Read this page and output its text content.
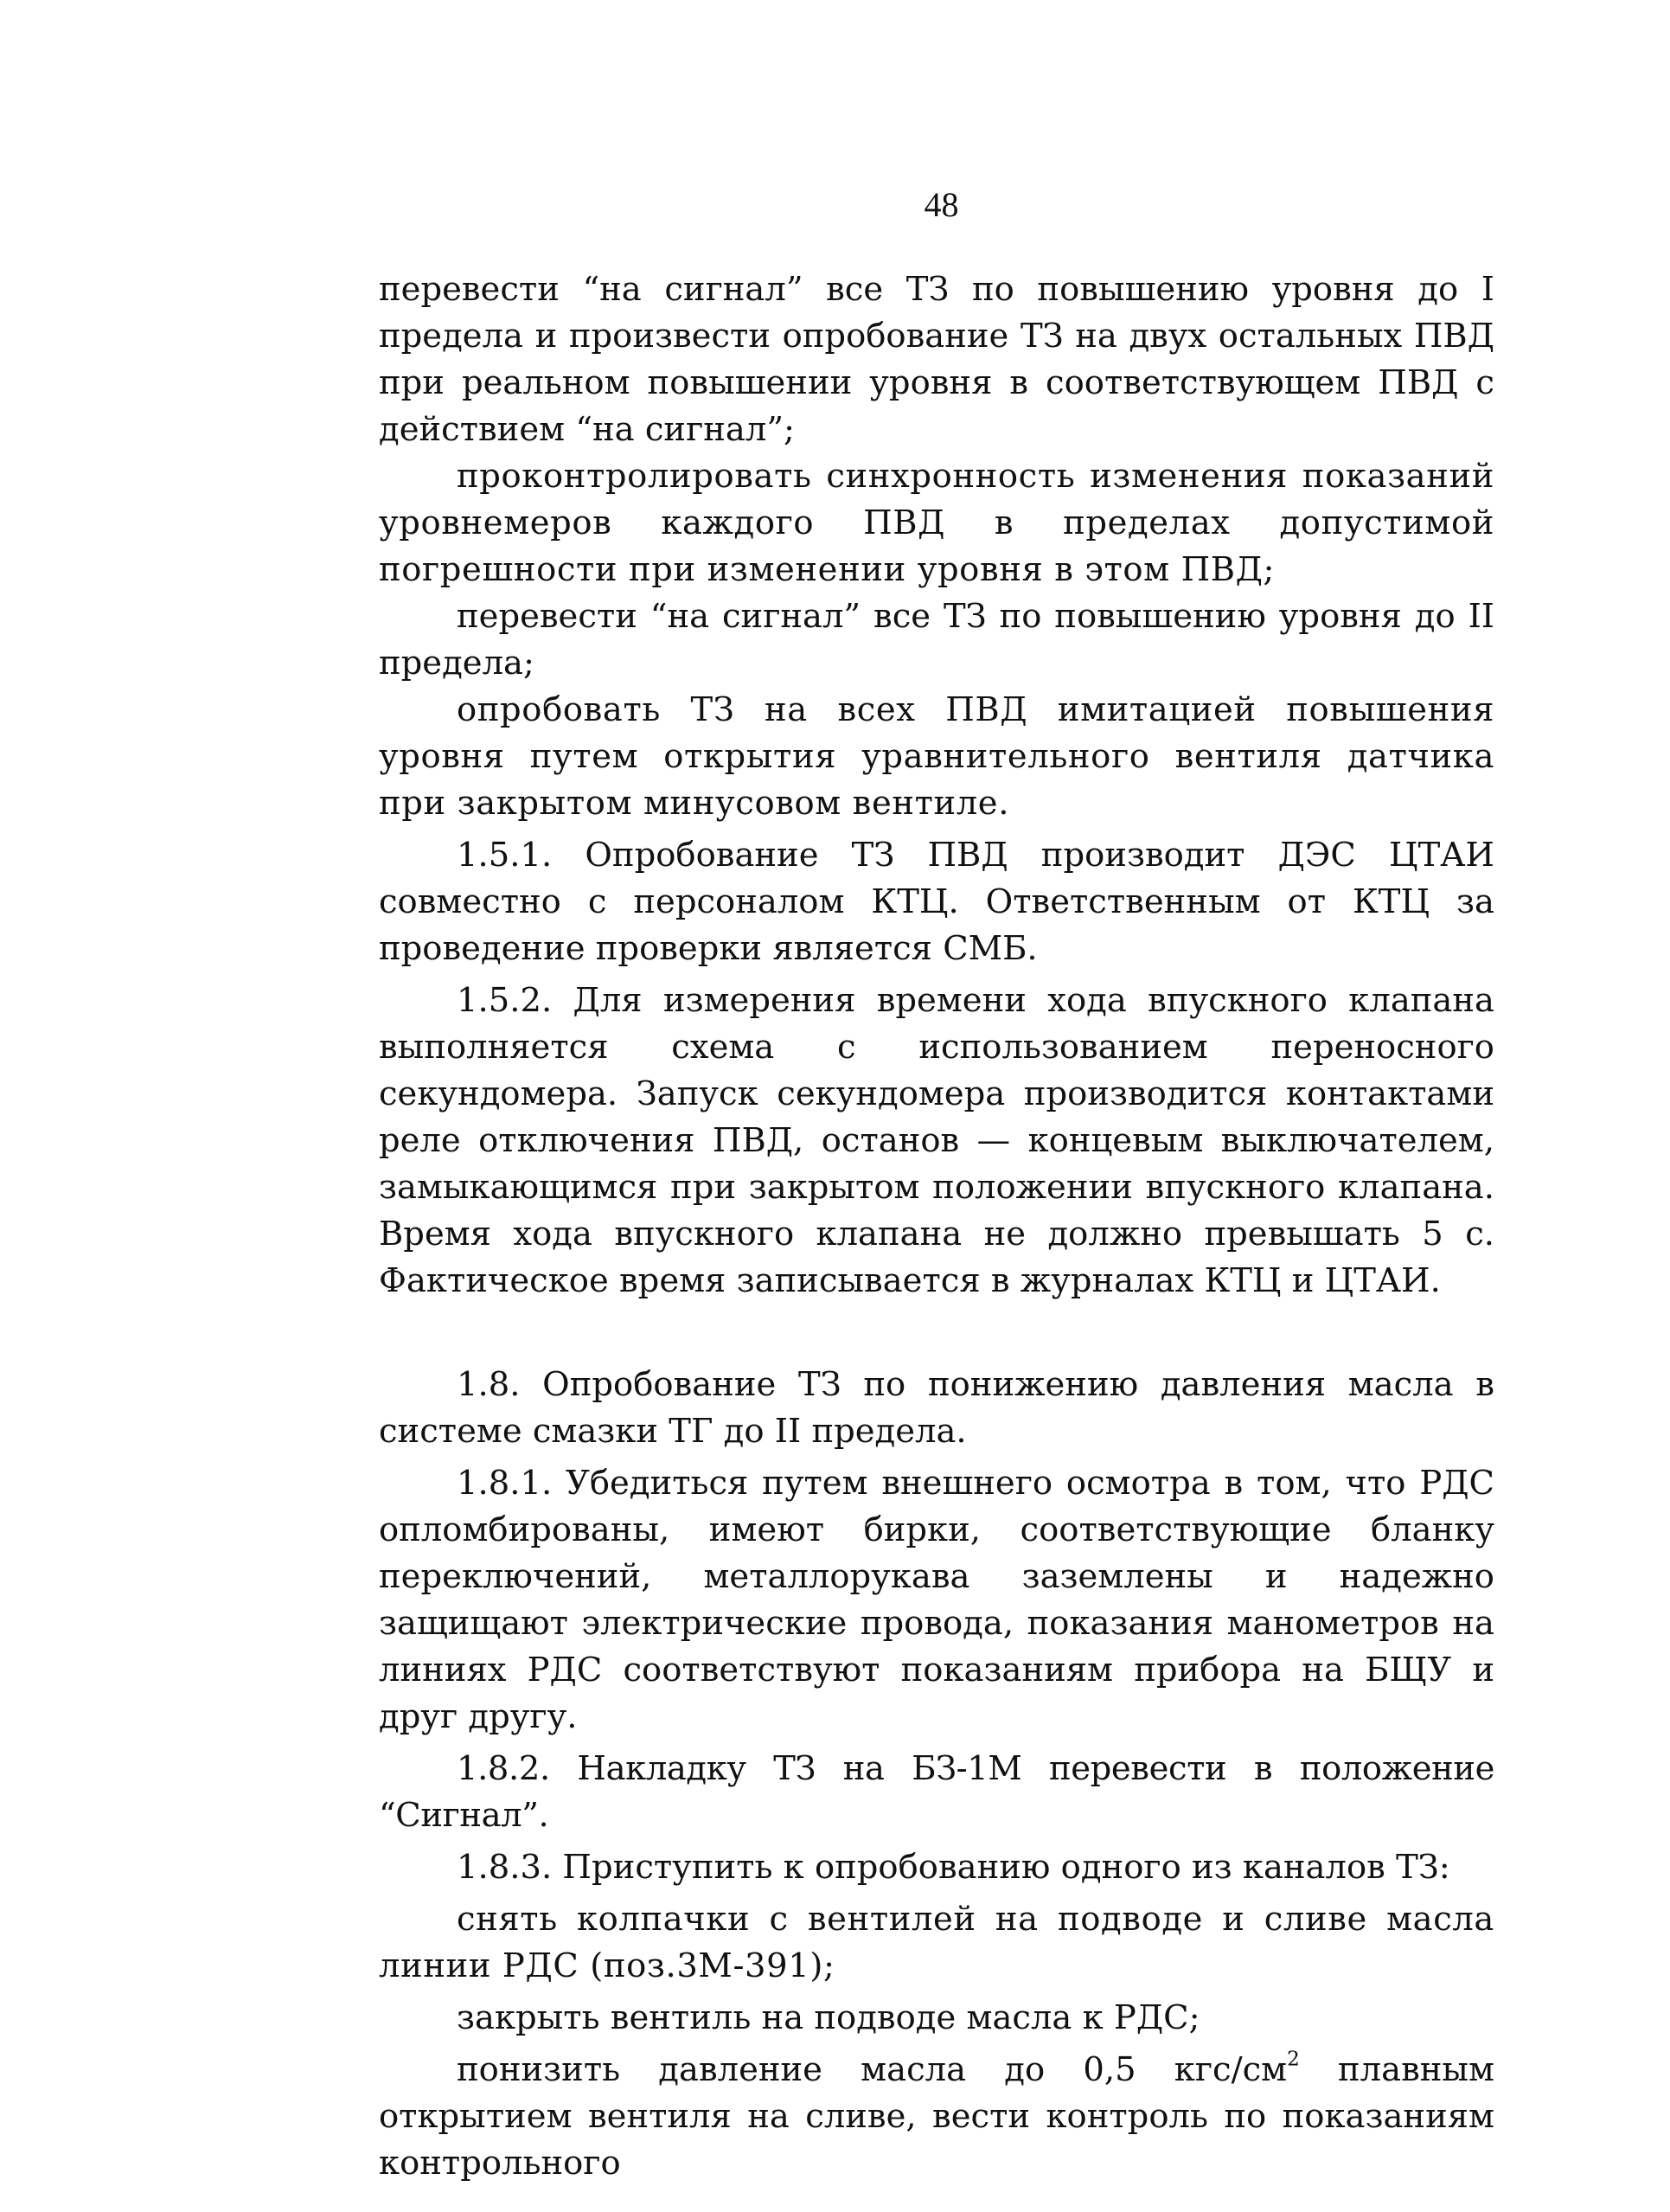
48

перевести “на сигнал” все ТЗ по повышению уровня до I предела и произвести опробование ТЗ на двух остальных ПВД при реальном повышении уровня в соответствующем ПВД с действием “на сигнал”;

проконтролировать синхронность изменения показаний уровнемеров каждого ПВД в пределах допустимой погрешности при изменении уровня в этом ПВД;

перевести “на сигнал” все ТЗ по повышению уровня до II предела;

опробовать ТЗ на всех ПВД имитацией повышения уровня путем открытия уравнительного вентиля датчика при закрытом минусовом вентиле.

1.5.1. Опробование ТЗ ПВД производит ДЭС ЦТАИ совместно с персоналом КТЦ. Ответственным от КТЦ за проведение проверки является СМБ.

1.5.2. Для измерения времени хода впускного клапана выполняется схема с использованием переносного секундомера. Запуск секундомера производится контактами реле отключения ПВД, останов — концевым выключателем, замыкающимся при закрытом положении впускного клапана. Время хода впускного клапана не должно превышать 5 с. Фактическое время записывается в журналах КТЦ и ЦТАИ.

1.8. Опробование ТЗ по понижению давления масла в системе смазки ТГ до II предела.

1.8.1. Убедиться путем внешнего осмотра в том, что РДС опломбированы, имеют бирки, соответствующие бланку переключений, металлорукава заземлены и надежно защищают электрические провода, показания манометров на линиях РДС соответствуют показаниям прибора на БЩУ и друг другу.

1.8.2. Накладку ТЗ на БЗ-1М перевести в положение “Сигнал”.

1.8.3. Приступить к опробованию одного из каналов ТЗ:

снять колпачки с вентилей на подводе и сливе масла линии РДС (поз.3М-391);

закрыть вентиль на подводе масла к РДС;

понизить давление масла до 0,5 кгс/$см^2$ плавным открытием вентиля на сливе, вести контроль по показаниям контрольного
